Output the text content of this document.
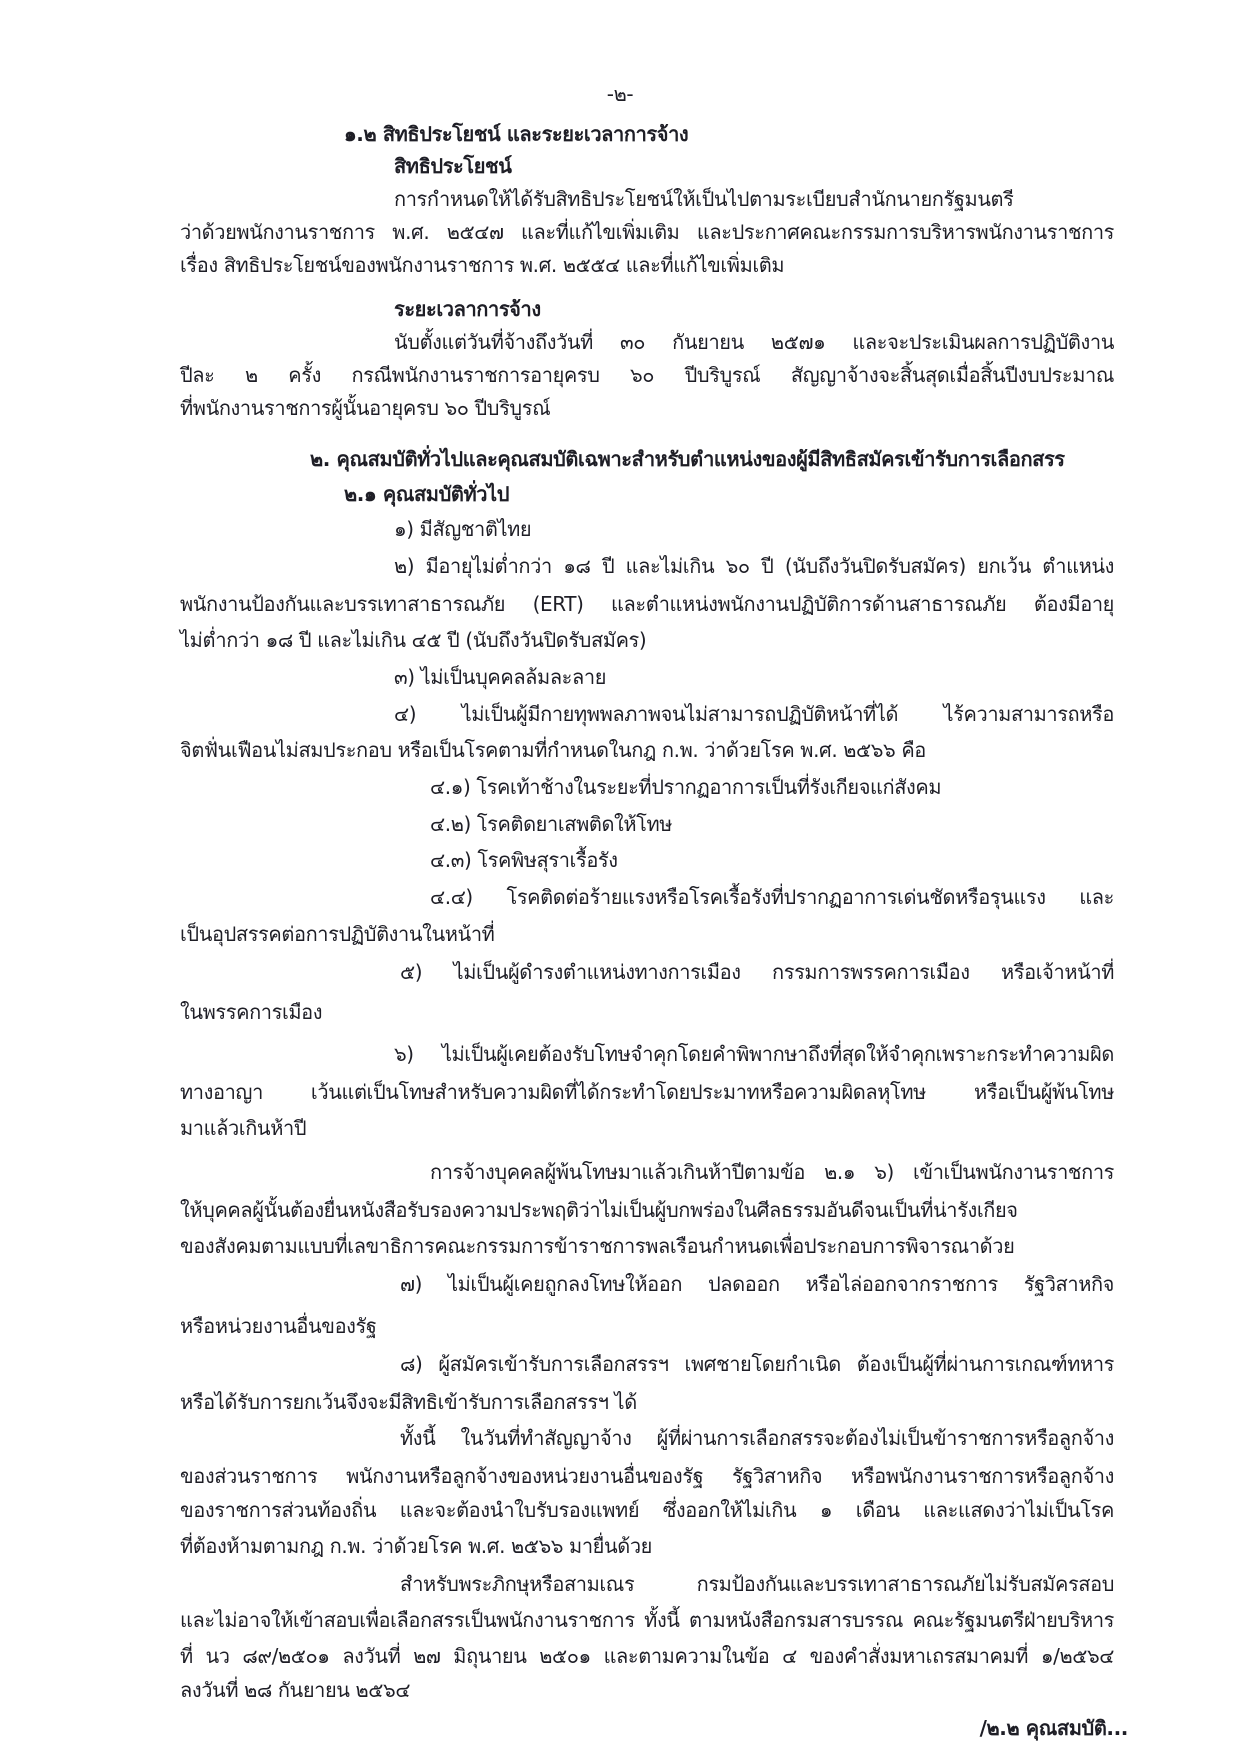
-๒-
๑.๒ สิทธิประโยชน์ และระยะเวลาการจ้าง
สิทธิประโยชน์
การกำหนดให้ได้รับสิทธิประโยชน์ให้เป็นไปตามระเบียบสำนักนายกรัฐมนตรี
ว่าด้วยพนักงานราชการ พ.ศ. ๒๕๔๗ และที่แก้ไขเพิ่มเติม และประกาศคณะกรรมการบริหารพนักงานราชการ
เรื่อง สิทธิประโยชน์ของพนักงานราชการ พ.ศ. ๒๕๕๔ และที่แก้ไขเพิ่มเติม
ระยะเวลาการจ้าง
นับตั้งแต่วันที่จ้างถึงวันที่ ๓๐ กันยายน ๒๕๗๑ และจะประเมินผลการปฏิบัติงาน
ปีละ ๒ ครั้ง กรณีพนักงานราชการอายุครบ ๖๐ ปีบริบูรณ์ สัญญาจ้างจะสิ้นสุดเมื่อสิ้นปีงบประมาณ
ที่พนักงานราชการผู้นั้นอายุครบ ๖๐ ปีบริบูรณ์
๒. คุณสมบัติทั่วไปและคุณสมบัติเฉพาะสำหรับตำแหน่งของผู้มีสิทธิสมัครเข้ารับการเลือกสรร
๒.๑ คุณสมบัติทั่วไป
๑) มีสัญชาติไทย
๒) มีอายุไม่ต่ำกว่า ๑๘ ปี และไม่เกิน ๖๐ ปี (นับถึงวันปิดรับสมัคร) ยกเว้น ตำแหน่ง
พนักงานป้องกันและบรรเทาสาธารณภัย (ERT) และตำแหน่งพนักงานปฏิบัติการด้านสาธารณภัย ต้องมีอายุ
ไม่ต่ำกว่า ๑๘ ปี และไม่เกิน ๔๕ ปี (นับถึงวันปิดรับสมัคร)
๓) ไม่เป็นบุคคลล้มละลาย
๔) ไม่เป็นผู้มีกายทุพพลภาพจนไม่สามารถปฏิบัติหน้าที่ได้ ไร้ความสามารถหรือ
จิตฟั่นเฟือนไม่สมประกอบ หรือเป็นโรคตามที่กำหนดในกฎ ก.พ. ว่าด้วยโรค พ.ศ. ๒๕๖๖ คือ
๔.๑) โรคเท้าช้างในระยะที่ปรากฏอาการเป็นที่รังเกียจแก่สังคม
๔.๒) โรคติดยาเสพติดให้โทษ
๔.๓) โรคพิษสุราเรื้อรัง
๔.๔) โรคติดต่อร้ายแรงหรือโรคเรื้อรังที่ปรากฏอาการเด่นชัดหรือรุนแรง และ
เป็นอุปสรรคต่อการปฏิบัติงานในหน้าที่
๕) ไม่เป็นผู้ดำรงตำแหน่งทางการเมือง กรรมการพรรคการเมือง หรือเจ้าหน้าที่
ในพรรคการเมือง
๖) ไม่เป็นผู้เคยต้องรับโทษจำคุกโดยคำพิพากษาถึงที่สุดให้จำคุกเพราะกระทำความผิด
ทางอาญา เว้นแต่เป็นโทษสำหรับความผิดที่ได้กระทำโดยประมาทหรือความผิดลหุโทษ หรือเป็นผู้พ้นโทษ
มาแล้วเกินห้าปี
การจ้างบุคคลผู้พ้นโทษมาแล้วเกินห้าปีตามข้อ ๒.๑ ๖) เข้าเป็นพนักงานราชการ
ให้บุคคลผู้นั้นต้องยื่นหนังสือรับรองความประพฤติว่าไม่เป็นผู้บกพร่องในศีลธรรมอันดีจนเป็นที่น่ารังเกียจ
ของสังคมตามแบบที่เลขาธิการคณะกรรมการข้าราชการพลเรือนกำหนดเพื่อประกอบการพิจารณาด้วย
๗) ไม่เป็นผู้เคยถูกลงโทษให้ออก ปลดออก หรือไล่ออกจากราชการ รัฐวิสาหกิจ
หรือหน่วยงานอื่นของรัฐ
๘) ผู้สมัครเข้ารับการเลือกสรรฯ เพศชายโดยกำเนิด ต้องเป็นผู้ที่ผ่านการเกณฑ์ทหาร
หรือได้รับการยกเว้นจึงจะมีสิทธิเข้ารับการเลือกสรรฯ ได้
ทั้งนี้ ในวันที่ทำสัญญาจ้าง ผู้ที่ผ่านการเลือกสรรจะต้องไม่เป็นข้าราชการหรือลูกจ้าง
ของส่วนราชการ พนักงานหรือลูกจ้างของหน่วยงานอื่นของรัฐ รัฐวิสาหกิจ หรือพนักงานราชการหรือลูกจ้าง
ของราชการส่วนท้องถิ่น และจะต้องนำใบรับรองแพทย์ ซึ่งออกให้ไม่เกิน ๑ เดือน และแสดงว่าไม่เป็นโรค
ที่ต้องห้ามตามกฎ ก.พ. ว่าด้วยโรค พ.ศ. ๒๕๖๖ มายื่นด้วย
สำหรับพระภิกษุหรือสามเณร กรมป้องกันและบรรเทาสาธารณภัยไม่รับสมัครสอบ
และไม่อาจให้เข้าสอบเพื่อเลือกสรรเป็นพนักงานราชการ ทั้งนี้ ตามหนังสือกรมสารบรรณ คณะรัฐมนตรีฝ่ายบริหาร
ที่ นว ๘๙/๒๕๐๑ ลงวันที่ ๒๗ มิถุนายน ๒๕๐๑ และตามความในข้อ ๔ ของคำสั่งมหาเถรสมาคมที่ ๑/๒๕๖๔
ลงวันที่ ๒๘ กันยายน ๒๕๖๔
/๒.๒ คุณสมบัติ...
